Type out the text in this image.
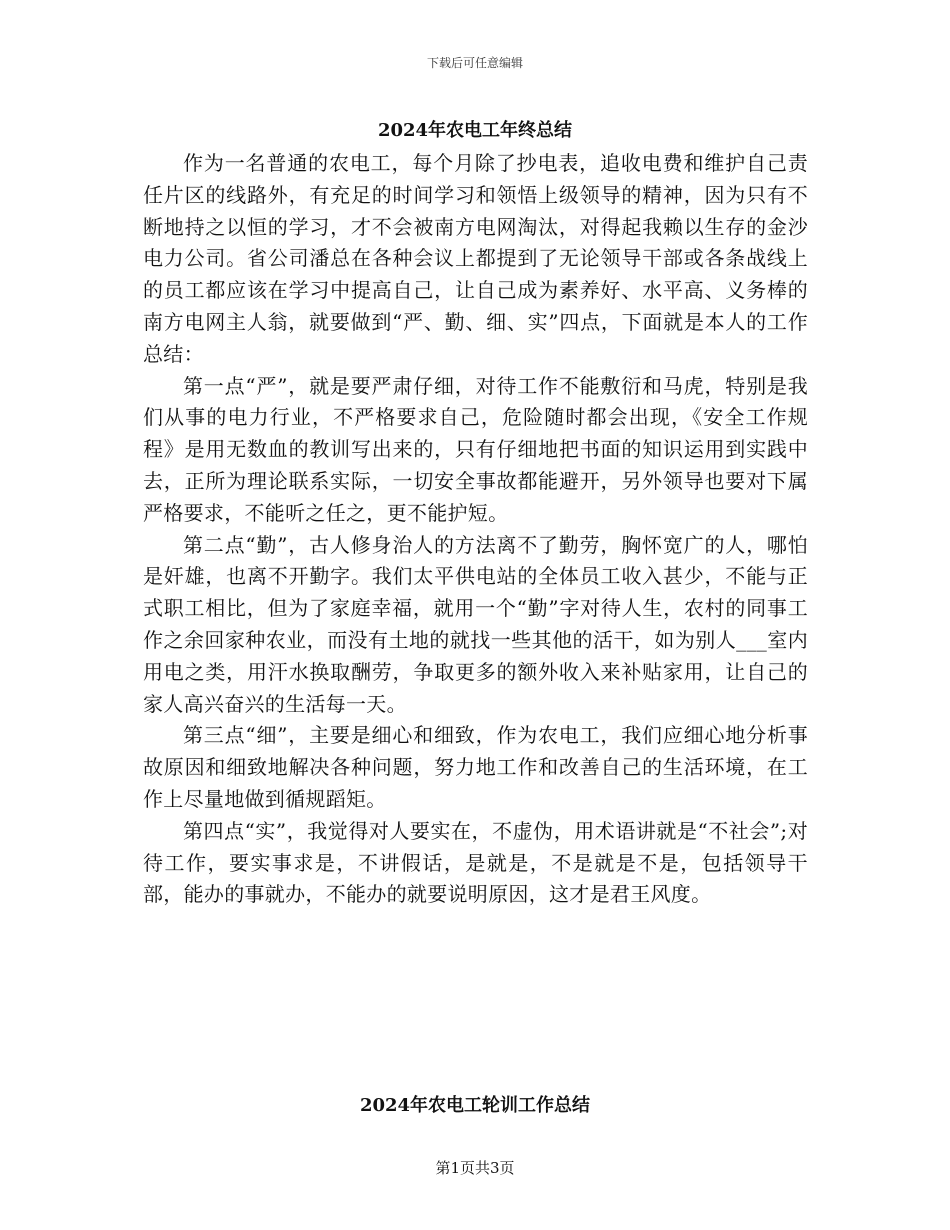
下载后可任意编辑
2024年农电工年终总结

作为一名普通的农电工，每个月除了抄电表，追收电费和维护自己责任片区的线路外，有充足的时间学习和领悟上级领导的精神，因为只有不断地持之以恒的学习，才不会被南方电网淘汰，对得起我赖以生存的金沙电力公司。省公司潘总在各种会议上都提到了无论领导干部或各条战线上的员工都应该在学习中提高自己，让自己成为素养好、水平高、义务棒的南方电网主人翁，就要做到“严、勤、细、实”四点，下面就是本人的工作总结：

第一点“严”，就是要严肃仔细，对待工作不能敷衍和马虎，特别是我们从事的电力行业，不严格要求自己，危险随时都会出现，《安全工作规程》是用无数血的教训写出来的，只有仔细地把书面的知识运用到实践中去，正所为理论联系实际，一切安全事故都能避开，另外领导也要对下属严格要求，不能听之任之，更不能护短。

第二点“勤”，古人修身治人的方法离不了勤劳，胸怀宽广的人，哪怕是奸雄，也离不开勤字。我们太平供电站的全体员工收入甚少，不能与正式职工相比，但为了家庭幸福，就用一个“勤”字对待人生，农村的同事工作之余回家种农业，而没有土地的就找一些其他的活干，如为别人___室内用电之类，用汗水换取酬劳，争取更多的额外收入来补贴家用，让自己的家人高兴奋兴的生活每一天。

第三点“细”，主要是细心和细致，作为农电工，我们应细心地分析事故原因和细致地解决各种问题，努力地工作和改善自己的生活环境，在工作上尽量地做到循规蹈矩。

第四点“实”，我觉得对人要实在，不虚伪，用术语讲就是“不社会”;对待工作，要实事求是，不讲假话，是就是，不是就是不是，包括领导干部，能办的事就办，不能办的就要说明原因，这才是君王风度。

2024年农电工轮训工作总结
第1页共3页
